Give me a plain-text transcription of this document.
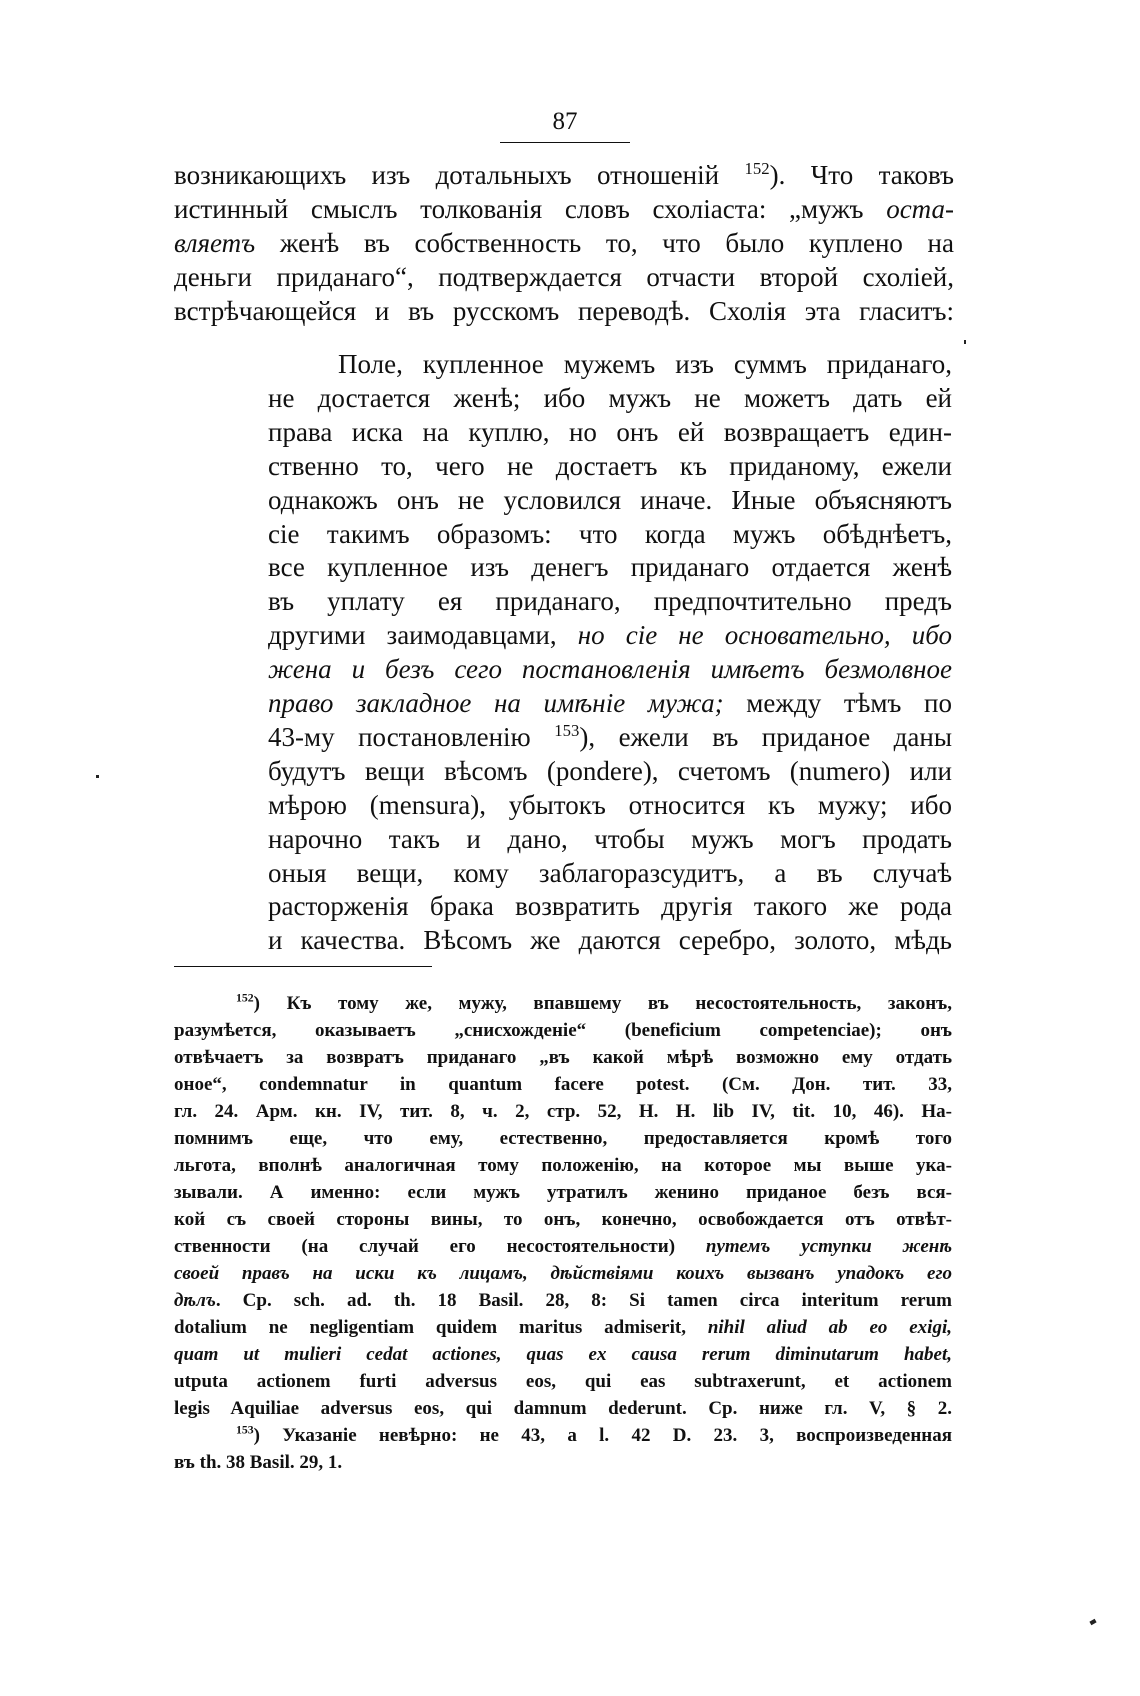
87
возникающихъ изъ дотальныхъ отношеній $^{152}$). Что таковъ
истинный смыслъ толкованія словъ схоліаста: „мужъ оста-
вляетъ женѣ въ собственность то, что было куплено на
деньги приданаго“, подтверждается отчасти второй схоліей,
встрѣчающейся и въ русскомъ переводѣ. Схолія эта гласитъ:
Поле, купленное мужемъ изъ суммъ приданаго,
не достается женѣ; ибо мужъ не можетъ дать ей
права иска на куплю, но онъ ей возвращаетъ един-
ственно то, чего не достаетъ къ приданому, ежели
однакожъ онъ не условился иначе. Иные объясняютъ
сіе такимъ образомъ: что когда мужъ обѣднѣетъ,
все купленное изъ денегъ приданаго отдается женѣ
въ уплату ея приданаго, предпочтительно предъ
другими заимодавцами, но сіе не основательно, ибо
жена и безъ сего постановленія имѣетъ безмолвное
право закладное на имѣніе мужа; между тѣмъ по
43-му постановленію $^{153}$), ежели въ приданое даны
будутъ вещи вѣсомъ (pondere), счетомъ (numero) или
мѣрою (mensura), убытокъ относится къ мужу; ибо
нарочно такъ и дано, чтобы мужъ могъ продать
оныя вещи, кому заблагоразсудитъ, а въ случаѣ
расторженія брака возвратить другія такого же рода
и качества. Вѣсомъ же даются серебро, золото, мѣдь
$^{152}$) Къ тому же, мужу, впавшему въ несостоятельность, законъ,
разумѣется, оказываетъ „снисхожденіе“ (beneficium competenciae); онъ
отвѣчаетъ за возвратъ приданаго „въ какой мѣрѣ возможно ему отдать
оное“, condemnatur in quantum facere potest. (См. Дон. тит. 33,
гл. 24. Арм. кн. IV, тит. 8, ч. 2, стр. 52, H. H. lib IV, tit. 10, 46). На-
помнимъ еще, что ему, естественно, предоставляется кромѣ того
льгота, вполнѣ аналогичная тому положенію, на которое мы выше ука-
зывали. А именно: если мужъ утратилъ женино приданое безъ вся-
кой съ своей стороны вины, то онъ, конечно, освобождается отъ отвѣт-
ственности (на случай его несостоятельности) путемъ уступки женѣ
своей правъ на иски къ лицамъ, дѣйствіями коихъ вызванъ упадокъ его
дѣлъ. Ср. sch. ad. th. 18 Basil. 28, 8: Si tamen circa interitum rerum
dotalium ne negligentiam quidem maritus admiserit, nihil aliud ab eo exigi,
quam ut mulieri cedat actiones, quas ex causa rerum diminutarum habet,
utputa actionem furti adversus eos, qui eas subtraxerunt, et actionem
legis Aquiliae adversus eos, qui damnum dederunt. Ср. ниже гл. V, § 2.
$^{153}$) Указаніе невѣрно: не 43, а l. 42 D. 23. 3, воспроизведенная
въ th. 38 Basil. 29, 1.
